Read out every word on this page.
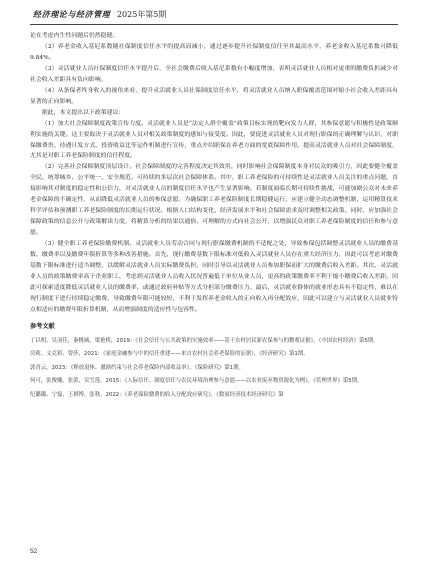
经济理论与经济管理 2025年第5期

论在考虑内生性问题后仍然稳健。

（2）养老金收入基尼系数随社保制度信任水平的提高而减小，通过逐步提升社保制度信任至其最高水平，养老金收入基尼系数可降低9.84%。

（3）灵活就业人员社保制度信任水平提升后，全社会缴费后收入基尼系数有小幅度增加，表明灵活就业人员相对更重的缴费负担减少对社会收入差距具有负向影响。

（4）从条保者终身收入的视角来看，提升灵活就业人员社保制度信任水平，将灵活就业人员纳入职保覆盖范围对缩小社会收入差距具有显著的正向影响。

据此，本文提出以下政策建议：

（1）加大社会保障制度政策宣传力度。灵活就业人员是“法定人群全覆盖”政策目标实现的靶向发力人群，其参保意愿与积极性是政策顺利实施的关键。这主要取决于灵活就业人员对相关政策制度的感知与接受度。因此，要促进灵活就业人员对现行职保的正确理解与认识，对职保缴费贵、待遇计发方式、投资收益比等运作机制进行宣传，重点介绍职保在养老方面的宽底保障作用，提高灵活就业人员对社会保障制度，尤其是对职工养老保险制度的信任程度。

（2）完善社会保障制度顶层设计。社会保障制度的完善程度决定其效用，同时影响社会保障制度本身对民众的吸引力，因此要健全覆盖全民、统筹城乡、公平统一、安全规范、可持续的多层次社会保障体系。其中，职工养老保险的可持续性是灵活就业人员关注的重点问题，直接影响其对制度的稳定性和公信力，对灵活就业人员的制度信任水平也产生显著影响。若制度面临长期可持续性挑战，可能加剧公众对未来养老金保障的不确定性，从而降低灵活就业人员的参保意愿。为确保职工养老保险制度长期稳健运行，应建立健全动态调整机制，运用精算技术科学评估和预测职工养老保险制度的长期运行状况。根据人口结构变化、经济发展水平和社会保障需求及时调整相关政策。同时，应加强社会保障政策的信息公开与政策解读力度，将精算分析的结果以通俗、可理解的方式向社会公开，以增强民众对职工养老保险制度的信任和参与意愿。

（3）健全职工养老保险缴费机制。灵活就业人员劳动合同与现行职保缴费机制的不适配之处，导致参保包括调整灵活就业人员的缴费基数、缴费率以及缴费年限折算等多种改善措施。首先，现行缴费基数下限标准对低收入灵活就业人员存在重大经济压力，因此可以考虑对缴费基数下限标准进行适当调整，以缓解灵活就业人员实际缴费负担，同时引导以灵活就业人员参加职保而扩大的缴费后收入差距。其次，灵活就业人员的政策缴费率高于企业职工，考虑到灵活就业人员收入状况普遍低于单位从业人员，更高的政策缴费率不利于缩小缴费后收入差距，因此可探索适度降低灵活就业人员的缴费率，或通过政府补贴等方式分担部分缴费压力。最后，灵活就业群体的就业形态具有不稳定性，难以在现行制度下进行持续稳定缴费，导致缴费年限可能较短，不利于发挥养老金收入的正向收入再分配效应，因此可以建立与灵活就业人员就业特点相适应的缴费年限折算机制，从而增强制度的适应性与包容性。

参考文献

丁以明，吴羽佳，秦桃城，梁艳桥，2019：《社会信任与公共政策的实施效率——基于农村居民新农保参与的微观证据》，《中国农村经济》第5期。

房莉、文克彩、曾莎，2021：《家庭金融参与中的信任重建——来自农村社会养老保险的证据》，《经济研究》第1期。

郭青云，2023：《释放退休、激励约束与社会养老保险内部收益率》，《保险研究》第1期。

何可，张俊飚，张蕾，吴雪莲，2015：《人际信任、制度信任与农民环境治理参与意愿——以农业废弃物资源化为例》，《管理世界》第5期。

纪璐璐、宁磊、王祺博、张秋，2022：《养老保险缴费的收入分配效应研究》，《数量经济技术经济研究》第

52
